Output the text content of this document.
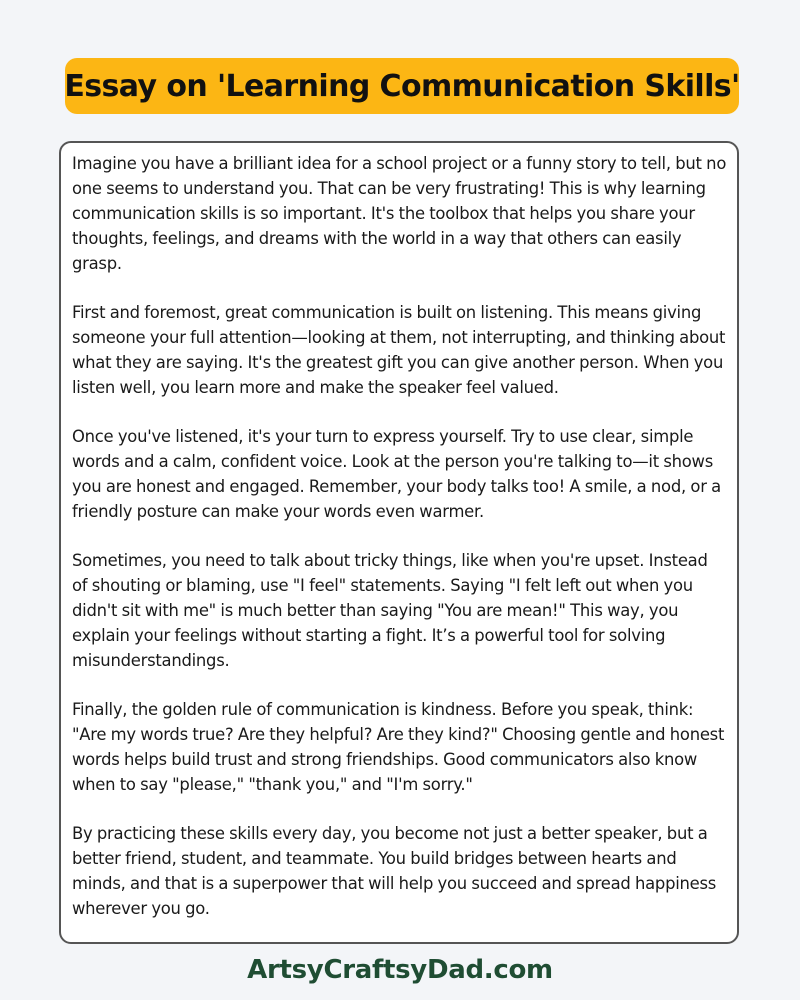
Essay on 'Learning Communication Skills'

Imagine you have a brilliant idea for a school project or a funny story to tell, but no one seems to understand you. That can be very frustrating! This is why learning communication skills is so important. It's the toolbox that helps you share your thoughts, feelings, and dreams with the world in a way that others can easily grasp.

First and foremost, great communication is built on listening. This means giving someone your full attention—looking at them, not interrupting, and thinking about what they are saying. It's the greatest gift you can give another person. When you listen well, you learn more and make the speaker feel valued.

Once you've listened, it's your turn to express yourself. Try to use clear, simple words and a calm, confident voice. Look at the person you're talking to—it shows you are honest and engaged. Remember, your body talks too! A smile, a nod, or a friendly posture can make your words even warmer.

Sometimes, you need to talk about tricky things, like when you're upset. Instead of shouting or blaming, use "I feel" statements. Saying "I felt left out when you didn't sit with me" is much better than saying "You are mean!" This way, you explain your feelings without starting a fight. It’s a powerful tool for solving misunderstandings.

Finally, the golden rule of communication is kindness. Before you speak, think: "Are my words true? Are they helpful? Are they kind?" Choosing gentle and honest words helps build trust and strong friendships. Good communicators also know when to say "please," "thank you," and "I'm sorry."

By practicing these skills every day, you become not just a better speaker, but a better friend, student, and teammate. You build bridges between hearts and minds, and that is a superpower that will help you succeed and spread happiness wherever you go.

ArtsyCraftsyDad.com
